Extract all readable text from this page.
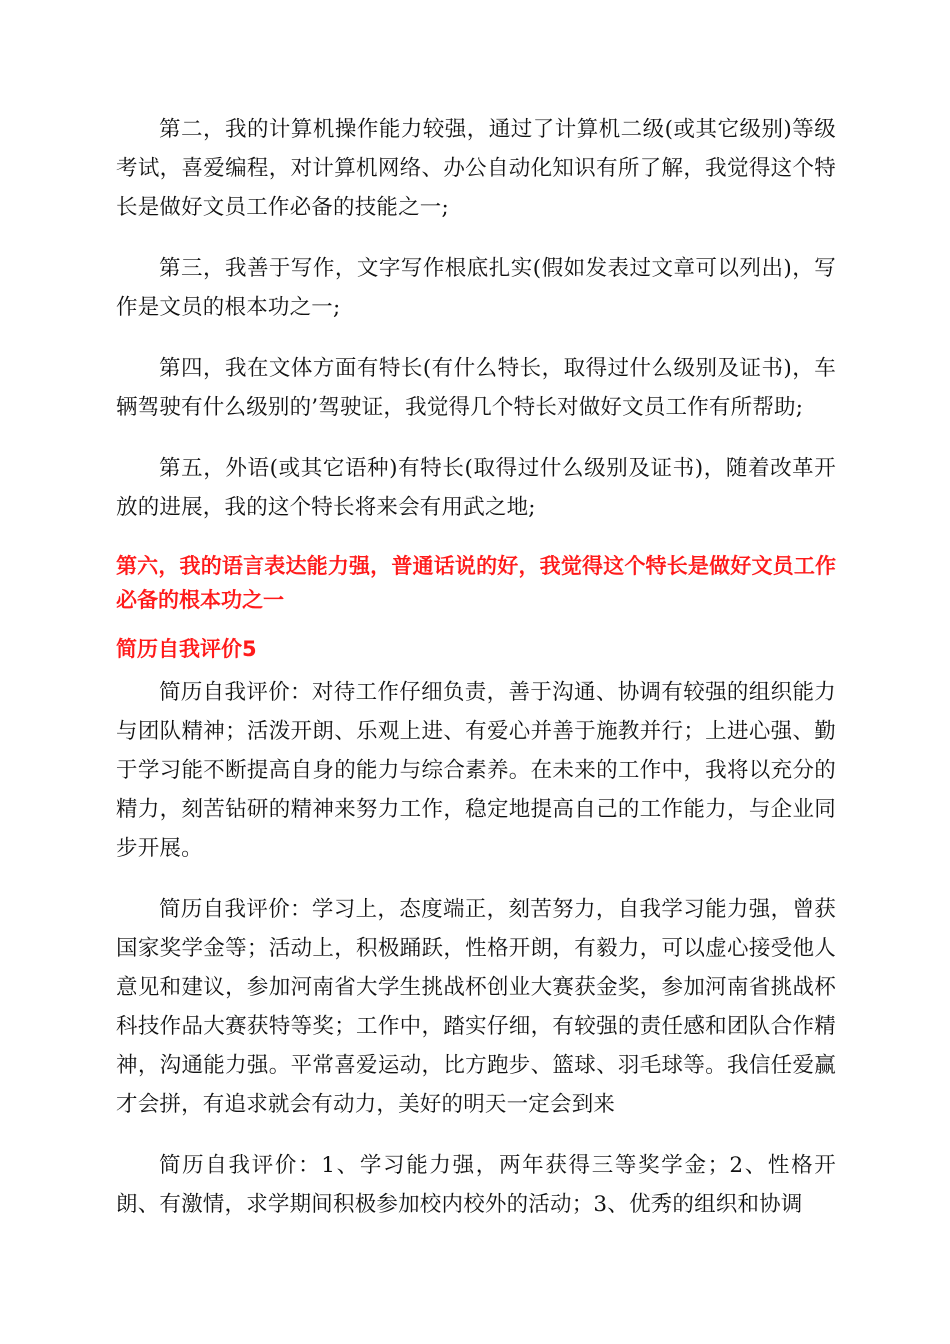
第二，我的计算机操作能力较强，通过了计算机二级(或其它级别)等级考试，喜爱编程，对计算机网络、办公自动化知识有所了解，我觉得这个特长是做好文员工作必备的技能之一;

第三，我善于写作，文字写作根底扎实(假如发表过文章可以列出)，写作是文员的根本功之一;

第四，我在文体方面有特长(有什么特长，取得过什么级别及证书)，车辆驾驶有什么级别的’驾驶证，我觉得几个特长对做好文员工作有所帮助;

第五，外语(或其它语种)有特长(取得过什么级别及证书)，随着改革开放的进展，我的这个特长将来会有用武之地;

第六，我的语言表达能力强，普通话说的好，我觉得这个特长是做好文员工作必备的根本功之一

简历自我评价5

简历自我评价：对待工作仔细负责，善于沟通、协调有较强的组织能力与团队精神；活泼开朗、乐观上进、有爱心并善于施教并行；上进心强、勤于学习能不断提高自身的能力与综合素养。在未来的工作中，我将以充分的精力，刻苦钻研的精神来努力工作，稳定地提高自己的工作能力，与企业同步开展。

简历自我评价：学习上，态度端正，刻苦努力，自我学习能力强，曾获国家奖学金等；活动上，积极踊跃，性格开朗，有毅力，可以虚心接受他人意见和建议，参加河南省大学生挑战杯创业大赛获金奖，参加河南省挑战杯科技作品大赛获特等奖；工作中，踏实仔细，有较强的责任感和团队合作精神，沟通能力强。平常喜爱运动，比方跑步、篮球、羽毛球等。我信任爱赢才会拼，有追求就会有动力，美好的明天一定会到来

简历自我评价：1、学习能力强，两年获得三等奖学金；2、性格开朗、有激情，求学期间积极参加校内校外的活动；3、优秀的组织和协调
